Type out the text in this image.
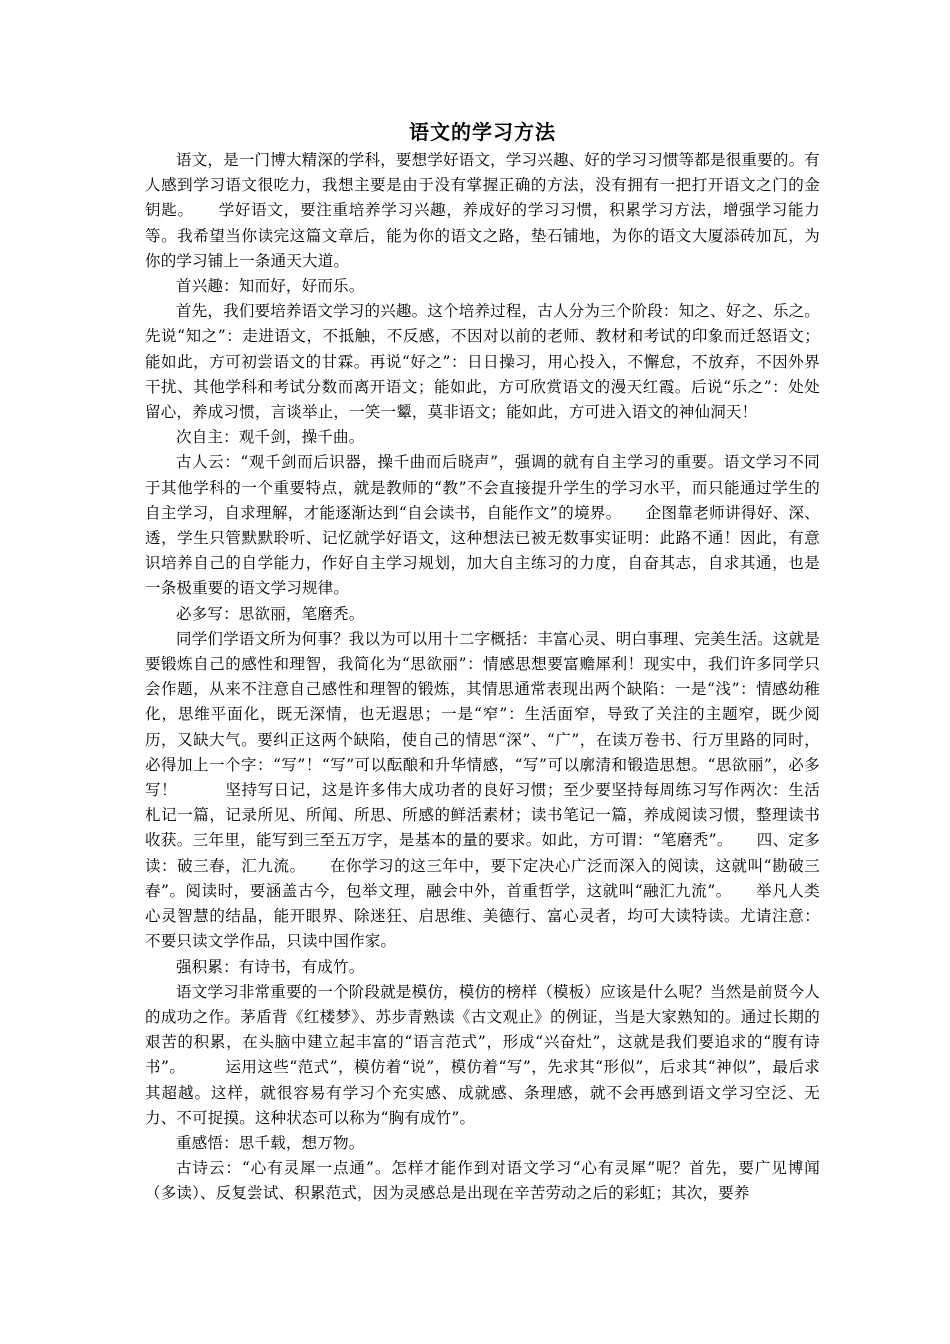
语文的学习方法

语文，是一门博大精深的学科，要想学好语文，学习兴趣、好的学习习惯等都是很重要的。有人感到学习语文很吃力，我想主要是由于没有掌握正确的方法，没有拥有一把打开语文之门的金钥匙。　　学好语文，要注重培养学习兴趣，养成好的学习习惯，积累学习方法，增强学习能力等。我希望当你读完这篇文章后，能为你的语文之路，垫石铺地，为你的语文大厦添砖加瓦，为你的学习铺上一条通天大道。

首兴趣：知而好，好而乐。

首先，我们要培养语文学习的兴趣。这个培养过程，古人分为三个阶段：知之、好之、乐之。先说“知之”：走进语文，不抵触，不反感，不因对以前的老师、教材和考试的印象而迁怒语文；能如此，方可初尝语文的甘霖。再说“好之”：日日操习，用心投入，不懈怠，不放弃，不因外界干扰、其他学科和考试分数而离开语文；能如此，方可欣赏语文的漫天红霞。后说“乐之”：处处留心，养成习惯，言谈举止，一笑一颦，莫非语文；能如此，方可进入语文的神仙洞天！

次自主：观千剑，操千曲。

古人云：“观千剑而后识器，操千曲而后晓声”，强调的就有自主学习的重要。语文学习不同于其他学科的一个重要特点，就是教师的“教”不会直接提升学生的学习水平，而只能通过学生的自主学习，自求理解，才能逐渐达到“自会读书，自能作文”的境界。　　企图靠老师讲得好、深、透，学生只管默默聆听、记忆就学好语文，这种想法已被无数事实证明：此路不通！因此，有意识培养自己的自学能力，作好自主学习规划，加大自主练习的力度，自奋其志，自求其通，也是一条极重要的语文学习规律。

必多写：思欲丽，笔磨秃。

同学们学语文所为何事？我以为可以用十二字概括：丰富心灵、明白事理、完美生活。这就是要锻炼自己的感性和理智，我简化为“思欲丽”：情感思想要富赡犀利！现实中，我们许多同学只会作题，从来不注意自己感性和理智的锻炼，其情思通常表现出两个缺陷：一是“浅”：情感幼稚化，思维平面化，既无深情，也无遐思；一是“窄”：生活面窄，导致了关注的主题窄，既少阅历，又缺大气。要纠正这两个缺陷，使自己的情思“深”、“广”，在读万卷书、行万里路的同时，必得加上一个字：“写”！“写”可以酝酿和升华情感，“写”可以廓清和锻造思想。“思欲丽”，必多写！　　　坚持写日记，这是许多伟大成功者的良好习惯；至少要坚持每周练习写作两次：生活札记一篇，记录所见、所闻、所思、所感的鲜活素材；读书笔记一篇，养成阅读习惯，整理读书收获。三年里，能写到三至五万字，是基本的量的要求。如此，方可谓：“笔磨秃”。　　四、定多读：破三春，汇九流。　　在你学习的这三年中，要下定决心广泛而深入的阅读，这就叫“勘破三春”。阅读时，要涵盖古今，包举文理，融会中外，首重哲学，这就叫“融汇九流”。　　举凡人类心灵智慧的结晶，能开眼界、除迷狂、启思维、美德行、富心灵者，均可大读特读。尤请注意：不要只读文学作品，只读中国作家。

强积累：有诗书，有成竹。

语文学习非常重要的一个阶段就是模仿，模仿的榜样（模板）应该是什么呢？当然是前贤今人的成功之作。茅盾背《红楼梦》、苏步青熟读《古文观止》的例证，当是大家熟知的。通过长期的艰苦的积累，在头脑中建立起丰富的“语言范式”，形成“兴奋灶”，这就是我们要追求的“腹有诗书”。　　　运用这些“范式”，模仿着“说”，模仿着“写”，先求其“形似”，后求其“神似”，最后求其超越。这样，就很容易有学习个充实感、成就感、条理感，就不会再感到语文学习空泛、无力、不可捉摸。这种状态可以称为“胸有成竹”。

重感悟：思千载，想万物。

古诗云：“心有灵犀一点通”。怎样才能作到对语文学习“心有灵犀”呢？首先，要广见博闻（多读）、反复尝试、积累范式，因为灵感总是出现在辛苦劳动之后的彩虹；其次，要养
